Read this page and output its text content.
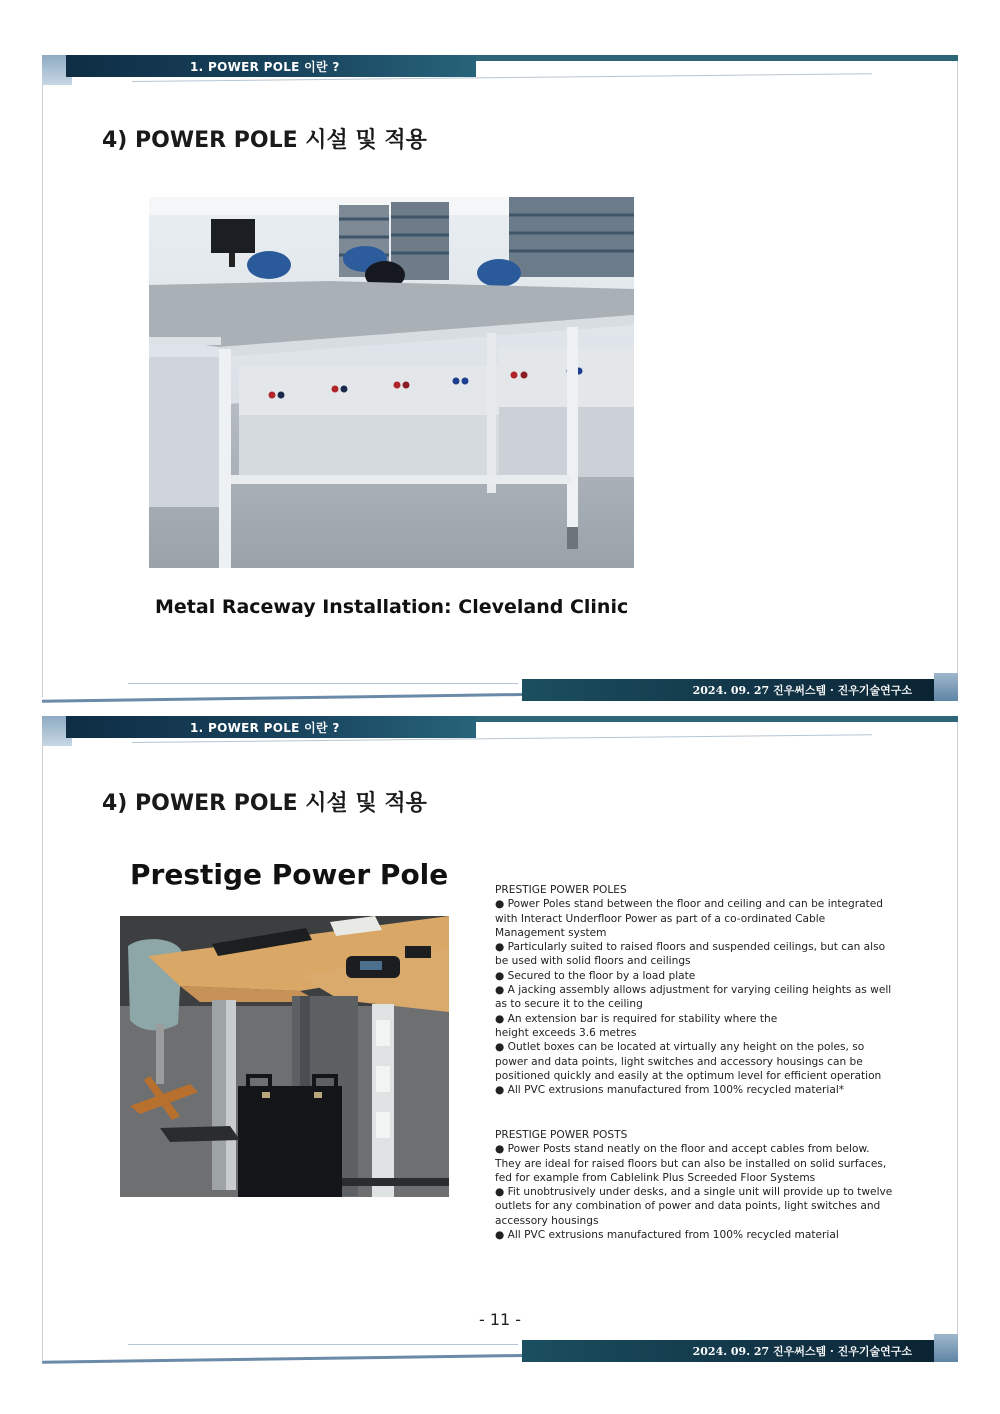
1. POWER POLE 이란 ?
4) POWER POLE 시설 및 적용
Metal Raceway Installation: Cleveland Clinic
2024. 09. 27 진우써스템 · 진우기술연구소
1. POWER POLE 이란 ?
4) POWER POLE 시설 및 적용
Prestige Power Pole	PRESTIGE POWER POLES
● Power Poles stand between the floor and ceiling and can be integrated
with Interact Underfloor Power as part of a co-ordinated Cable
Management system
● Particularly suited to raised floors and suspended ceilings, but can also
be used with solid floors and ceilings
● Secured to the floor by a load plate
● A jacking assembly allows adjustment for varying ceiling heights as well
as to secure it to the ceiling
● An extension bar is required for stability where the
height exceeds 3.6 metres
● Outlet boxes can be located at virtually any height on the poles, so
power and data points, light switches and accessory housings can be
positioned quickly and easily at the optimum level for efficient operation
● All PVC extrusions manufactured from 100% recycled material*
PRESTIGE POWER POSTS
● Power Posts stand neatly on the floor and accept cables from below.
They are ideal for raised floors but can also be installed on solid surfaces,
fed for example from Cablelink Plus Screeded Floor Systems
● Fit unobtrusively under desks, and a single unit will provide up to twelve
outlets for any combination of power and data points, light switches and
accessory housings
● All PVC extrusions manufactured from 100% recycled material
2024. 09. 27 진우써스템 · 진우기술연구소
- 11 -
